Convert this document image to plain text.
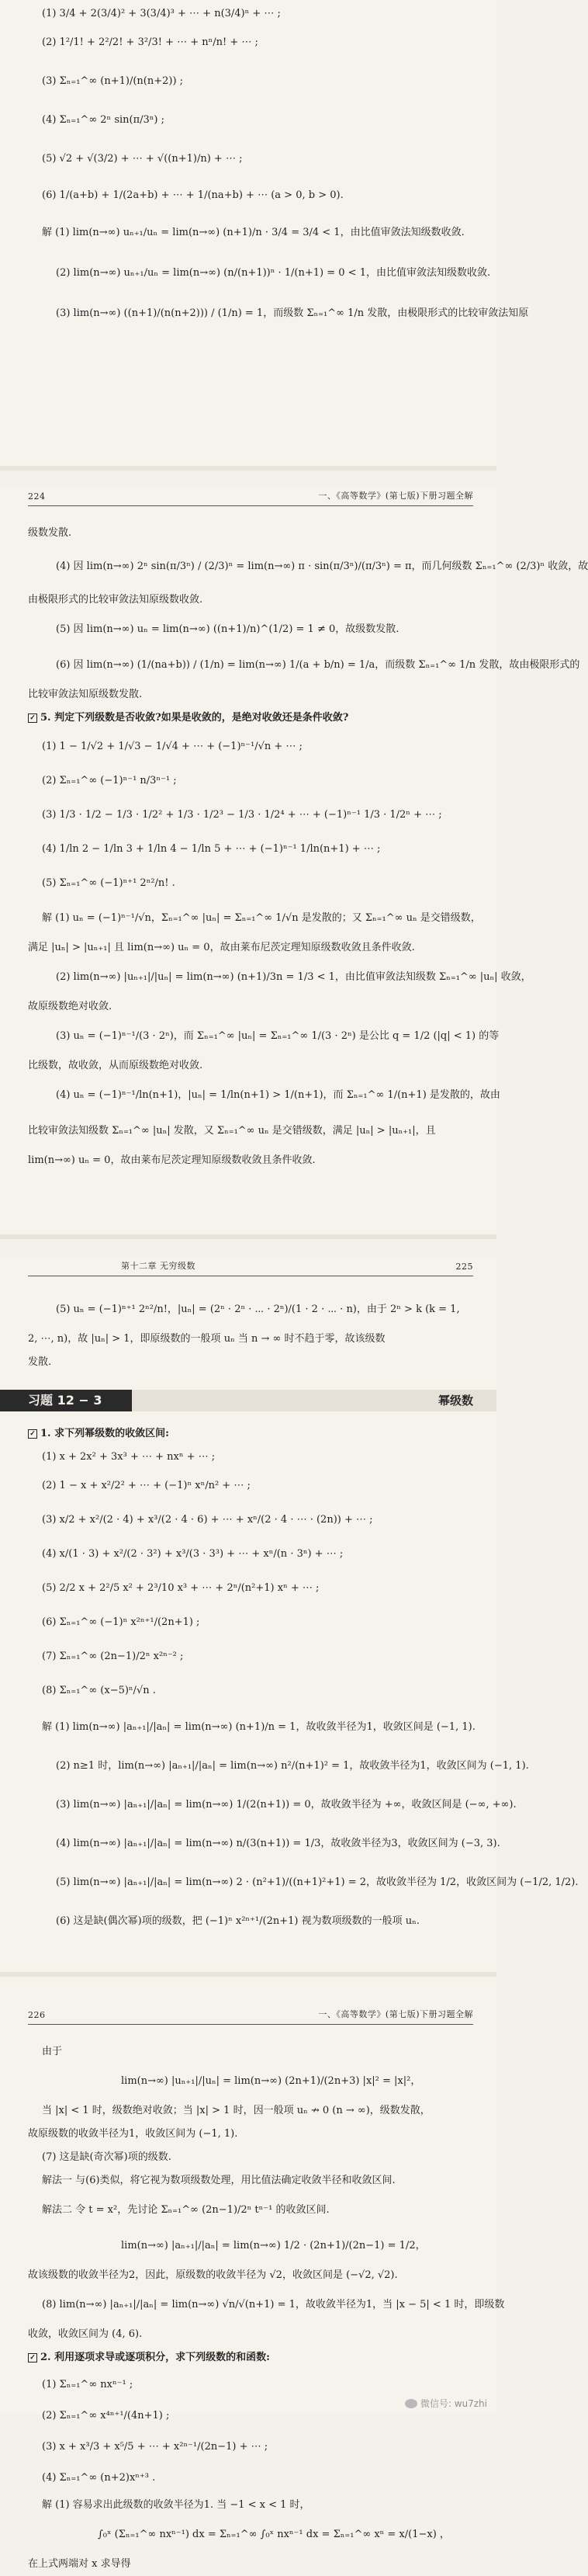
(1) 3/4 + 2(3/4)² + 3(3/4)³ + ⋯ + n(3/4)ⁿ + ⋯ ;
(2) 1²/1! + 2²/2! + 3²/3! + ⋯ + nⁿ/n! + ⋯ ;
(3) Σₙ₌₁^∞ (n+1)/(n(n+2)) ;
(4) Σₙ₌₁^∞ 2ⁿ sin(π/3ⁿ) ;
(5) √2 + √(3/2) + ⋯ + √((n+1)/n) + ⋯ ;
(6) 1/(a+b) + 1/(2a+b) + ⋯ + 1/(na+b) + ⋯ (a > 0, b > 0).
解 (1) lim(n→∞) uₙ₊₁/uₙ = lim(n→∞) (n+1)/n · 3/4 = 3/4 < 1，由比值审敛法知级数收敛.
(2) lim(n→∞) uₙ₊₁/uₙ = lim(n→∞) (n/(n+1))ⁿ · 1/(n+1) = 0 < 1，由比值审敛法知级数收敛.
(3) lim(n→∞) ((n+1)/(n(n+2))) / (1/n) = 1，而级数 Σₙ₌₁^∞ 1/n 发散，由极限形式的比较审敛法知原
224	一、《高等数学》(第七版)下册习题全解
级数发散.
(4) 因 lim(n→∞) 2ⁿ sin(π/3ⁿ) / (2/3)ⁿ = lim(n→∞) π · sin(π/3ⁿ)/(π/3ⁿ) = π，而几何级数 Σₙ₌₁^∞ (2/3)ⁿ 收敛，故
由极限形式的比较审敛法知原级数收敛.
(5) 因 lim(n→∞) uₙ = lim(n→∞) ((n+1)/n)^(1/2) = 1 ≠ 0，故级数发散.
(6) 因 lim(n→∞) (1/(na+b)) / (1/n) = lim(n→∞) 1/(a + b/n) = 1/a，而级数 Σₙ₌₁^∞ 1/n 发散，故由极限形式的
比较审敛法知原级数发散.
✓ 5. 判定下列级数是否收敛?如果是收敛的，是绝对收敛还是条件收敛?
(1) 1 − 1/√2 + 1/√3 − 1/√4 + ⋯ + (−1)ⁿ⁻¹/√n + ⋯ ;
(2) Σₙ₌₁^∞ (−1)ⁿ⁻¹ n/3ⁿ⁻¹ ;
(3) 1/3 · 1/2 − 1/3 · 1/2² + 1/3 · 1/2³ − 1/3 · 1/2⁴ + ⋯ + (−1)ⁿ⁻¹ 1/3 · 1/2ⁿ + ⋯ ;
(4) 1/ln 2 − 1/ln 3 + 1/ln 4 − 1/ln 5 + ⋯ + (−1)ⁿ⁻¹ 1/ln(n+1) + ⋯ ;
(5) Σₙ₌₁^∞ (−1)ⁿ⁺¹ 2ⁿ²/n! .
解 (1) uₙ = (−1)ⁿ⁻¹/√n，Σₙ₌₁^∞ |uₙ| = Σₙ₌₁^∞ 1/√n 是发散的；又 Σₙ₌₁^∞ uₙ 是交错级数，
满足 |uₙ| > |uₙ₊₁| 且 lim(n→∞) uₙ = 0，故由莱布尼茨定理知原级数收敛且条件收敛.
(2) lim(n→∞) |uₙ₊₁|/|uₙ| = lim(n→∞) (n+1)/3n = 1/3 < 1，由比值审敛法知级数 Σₙ₌₁^∞ |uₙ| 收敛，
故原级数绝对收敛.
(3) uₙ = (−1)ⁿ⁻¹/(3 · 2ⁿ)，而 Σₙ₌₁^∞ |uₙ| = Σₙ₌₁^∞ 1/(3 · 2ⁿ) 是公比 q = 1/2 (|q| < 1) 的等
比级数，故收敛，从而原级数绝对收敛.
(4) uₙ = (−1)ⁿ⁻¹/ln(n+1)，|uₙ| = 1/ln(n+1) > 1/(n+1)，而 Σₙ₌₁^∞ 1/(n+1) 是发散的，故由
比较审敛法知级数 Σₙ₌₁^∞ |uₙ| 发散，又 Σₙ₌₁^∞ uₙ 是交错级数，满足 |uₙ| > |uₙ₊₁|，且
lim(n→∞) uₙ = 0，故由莱布尼茨定理知原级数收敛且条件收敛.
第十二章 无穷级数	225
(5) uₙ = (−1)ⁿ⁺¹ 2ⁿ²/n!，|uₙ| = (2ⁿ · 2ⁿ · ⋯ · 2ⁿ)/(1 · 2 · ⋯ · n)，由于 2ⁿ > k (k = 1,
2, ⋯, n)，故 |uₙ| > 1，即原级数的一般项 uₙ 当 n → ∞ 时不趋于零，故该级数
发散.
习题 12 − 3	幂级数
✓ 1. 求下列幂级数的收敛区间:
(1) x + 2x² + 3x³ + ⋯ + nxⁿ + ⋯ ;
(2) 1 − x + x²/2² + ⋯ + (−1)ⁿ xⁿ/n² + ⋯ ;
(3) x/2 + x²/(2 · 4) + x³/(2 · 4 · 6) + ⋯ + xⁿ/(2 · 4 · ⋯ · (2n)) + ⋯ ;
(4) x/(1 · 3) + x²/(2 · 3²) + x³/(3 · 3³) + ⋯ + xⁿ/(n · 3ⁿ) + ⋯ ;
(5) 2/2 x + 2²/5 x² + 2³/10 x³ + ⋯ + 2ⁿ/(n²+1) xⁿ + ⋯ ;
(6) Σₙ₌₁^∞ (−1)ⁿ x²ⁿ⁺¹/(2n+1) ;
(7) Σₙ₌₁^∞ (2n−1)/2ⁿ x²ⁿ⁻² ;
(8) Σₙ₌₁^∞ (x−5)ⁿ/√n .
解 (1) lim(n→∞) |aₙ₊₁|/|aₙ| = lim(n→∞) (n+1)/n = 1，故收敛半径为1，收敛区间是 (−1, 1).
(2) n≥1 时，lim(n→∞) |aₙ₊₁|/|aₙ| = lim(n→∞) n²/(n+1)² = 1，故收敛半径为1，收敛区间为 (−1, 1).
(3) lim(n→∞) |aₙ₊₁|/|aₙ| = lim(n→∞) 1/(2(n+1)) = 0，故收敛半径为 +∞，收敛区间是 (−∞, +∞).
(4) lim(n→∞) |aₙ₊₁|/|aₙ| = lim(n→∞) n/(3(n+1)) = 1/3，故收敛半径为3，收敛区间为 (−3, 3).
(5) lim(n→∞) |aₙ₊₁|/|aₙ| = lim(n→∞) 2 · (n²+1)/((n+1)²+1) = 2，故收敛半径为 1/2，收敛区间为 (−1/2, 1/2).
(6) 这是缺(偶次幂)项的级数，把 (−1)ⁿ x²ⁿ⁺¹/(2n+1) 视为数项级数的一般项 uₙ.
226	一、《高等数学》(第七版)下册习题全解
由于
lim(n→∞) |uₙ₊₁|/|uₙ| = lim(n→∞) (2n+1)/(2n+3) |x|² = |x|²，
当 |x| < 1 时，级数绝对收敛；当 |x| > 1 时，因一般项 uₙ ↛ 0 (n → ∞)，级数发散，
故原级数的收敛半径为1，收敛区间为 (−1, 1).
(7) 这是缺(奇次幂)项的级数.
解法一 与(6)类似，将它视为数项级数处理，用比值法确定收敛半径和收敛区间.
解法二 令 t = x²，先讨论 Σₙ₌₁^∞ (2n−1)/2ⁿ tⁿ⁻¹ 的收敛区间.
lim(n→∞) |aₙ₊₁|/|aₙ| = lim(n→∞) 1/2 · (2n+1)/(2n−1) = 1/2，
故该级数的收敛半径为2，因此，原级数的收敛半径为 √2，收敛区间是 (−√2, √2).
(8) lim(n→∞) |aₙ₊₁|/|aₙ| = lim(n→∞) √n/√(n+1) = 1，故收敛半径为1，当 |x − 5| < 1 时，即级数
收敛，收敛区间为 (4, 6).
✓ 2. 利用逐项求导或逐项积分，求下列级数的和函数:
(1) Σₙ₌₁^∞ nxⁿ⁻¹ ;
(2) Σₙ₌₁^∞ x⁴ⁿ⁺¹/(4n+1) ;
(3) x + x³/3 + x⁵/5 + ⋯ + x²ⁿ⁻¹/(2n−1) + ⋯ ;
(4) Σₙ₌₁^∞ (n+2)xⁿ⁺³ .
解 (1) 容易求出此级数的收敛半径为1. 当 −1 < x < 1 时，
∫₀ˣ (Σₙ₌₁^∞ nxⁿ⁻¹) dx = Σₙ₌₁^∞ ∫₀ˣ nxⁿ⁻¹ dx = Σₙ₌₁^∞ xⁿ = x/(1−x) ，
在上式两端对 x 求导得
微信号: wu7zhi
